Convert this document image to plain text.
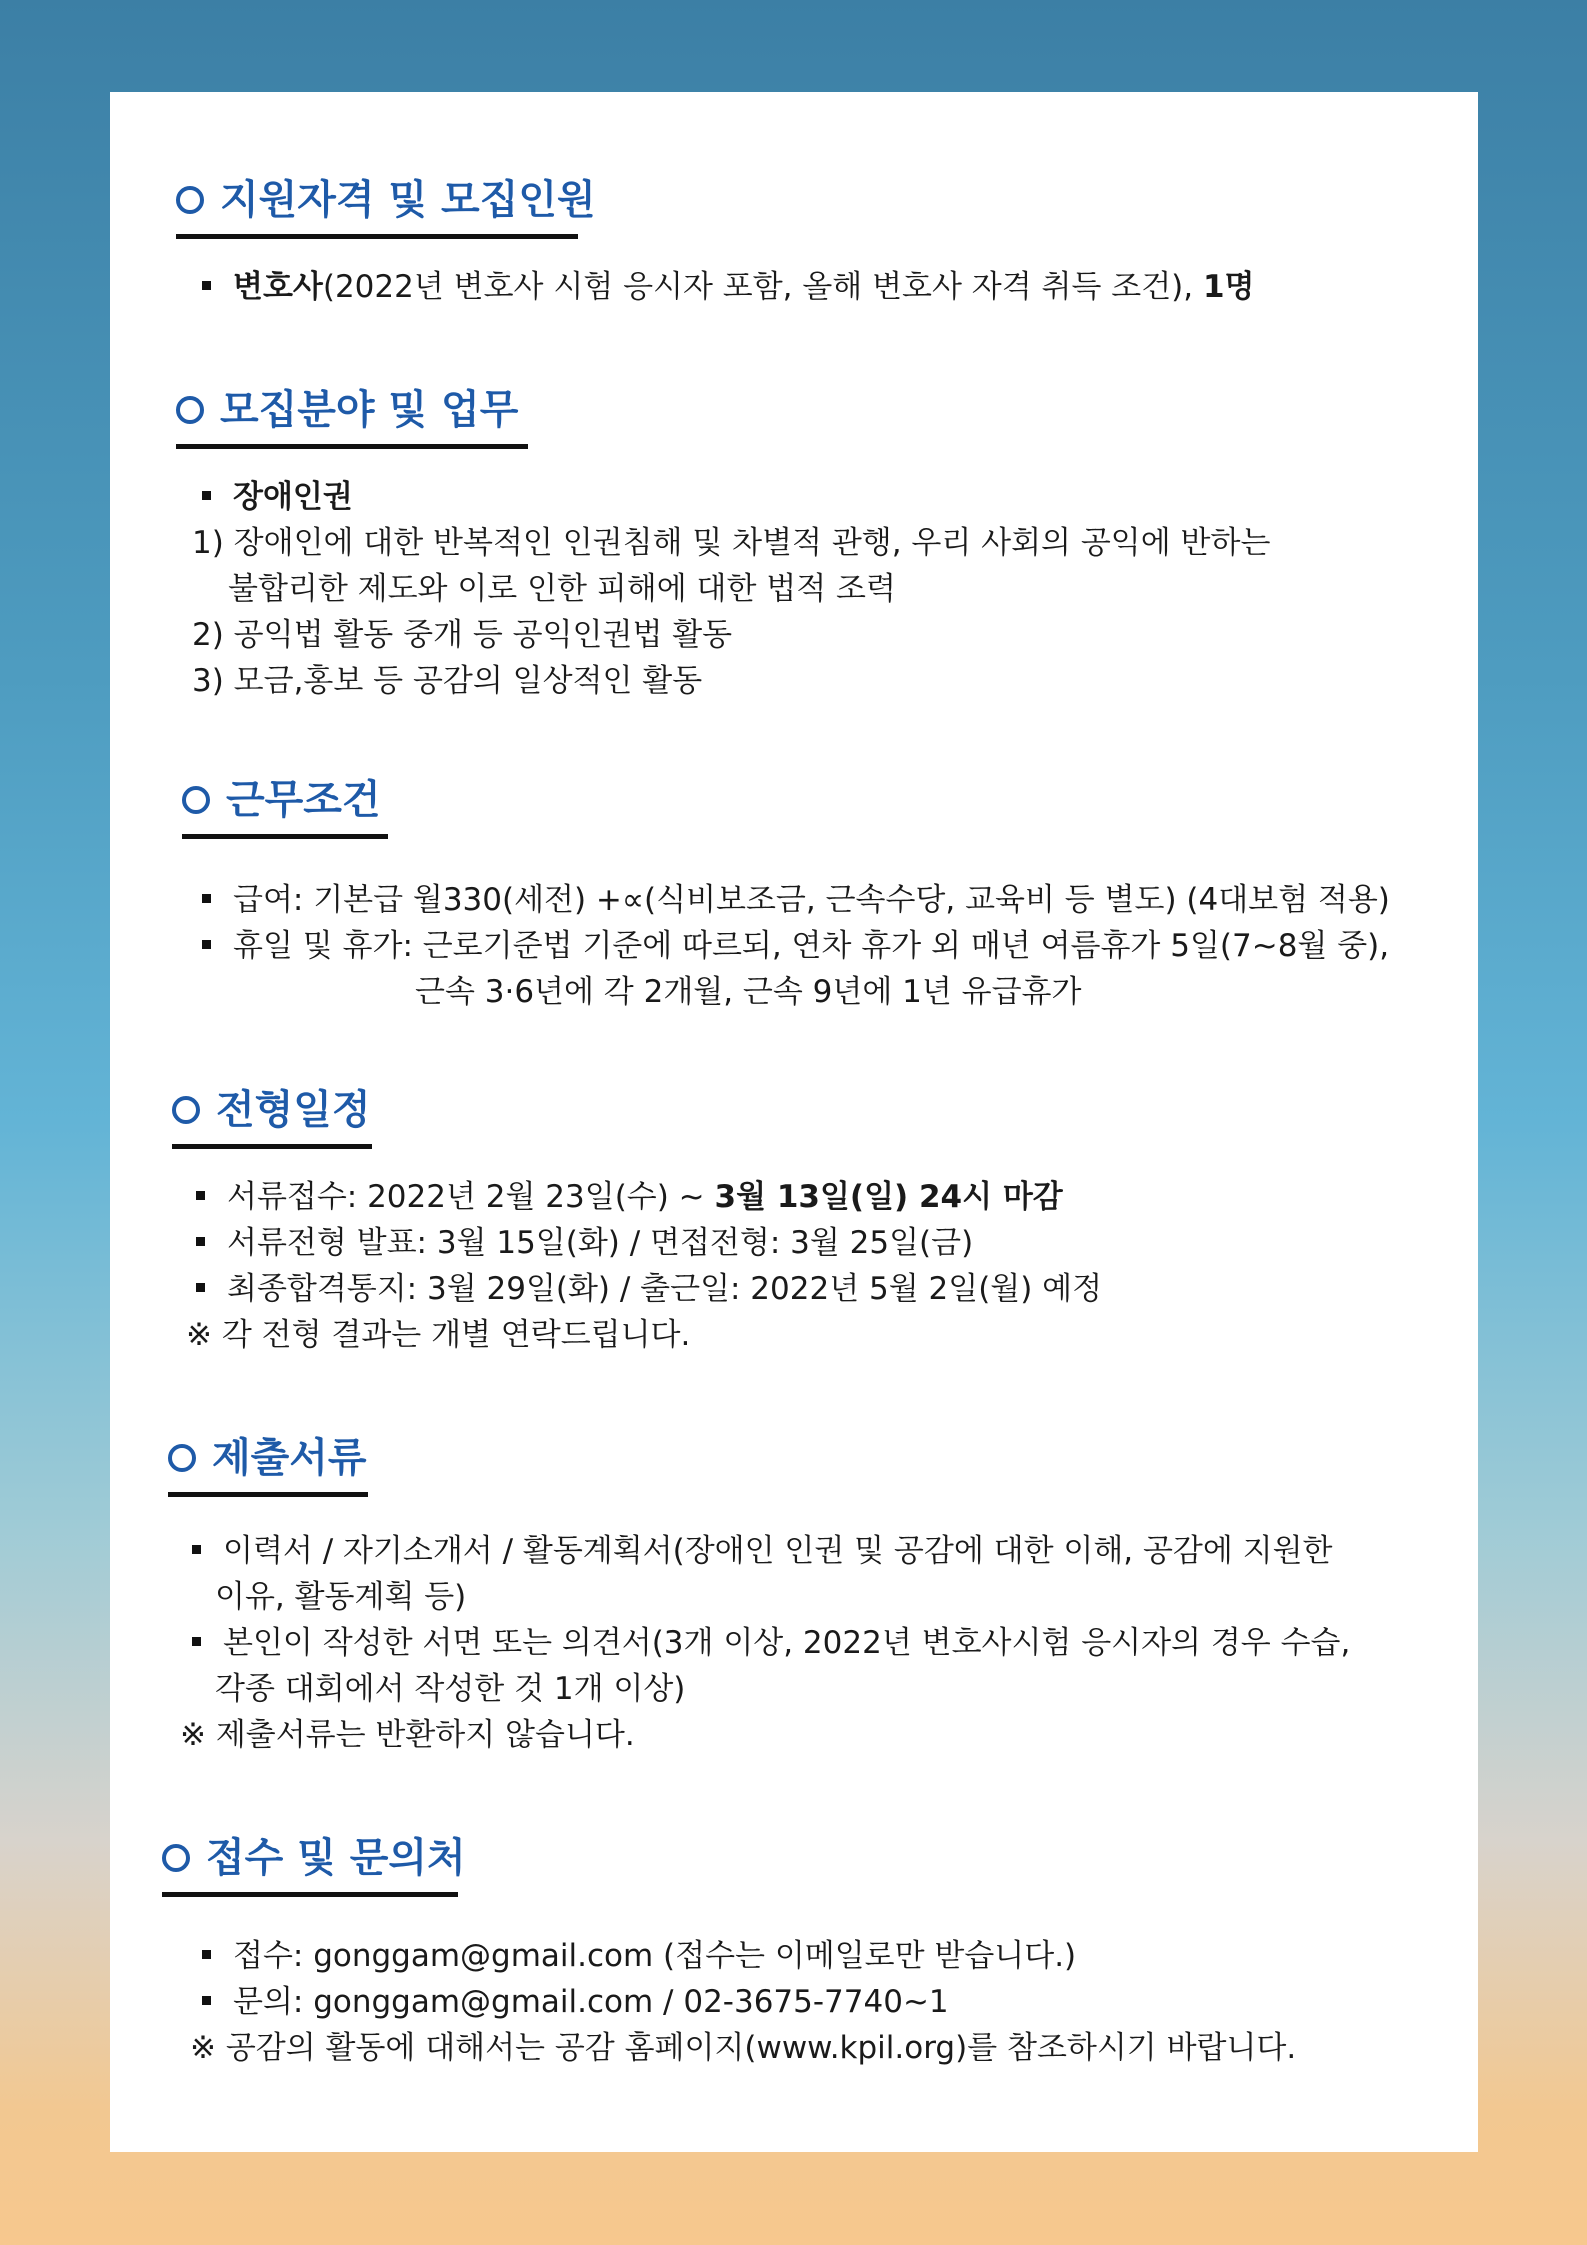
지원자격 및 모집인원
변호사(2022년 변호사 시험 응시자 포함, 올해 변호사 자격 취득 조건), 1명
모집분야 및 업무
장애인권
1) 장애인에 대한 반복적인 인권침해 및 차별적 관행, 우리 사회의 공익에 반하는
불합리한 제도와 이로 인한 피해에 대한 법적 조력
2) 공익법 활동 중개 등 공익인권법 활동
3) 모금,홍보 등 공감의 일상적인 활동
근무조건
급여: 기본급 월330(세전) +∝(식비보조금, 근속수당, 교육비 등 별도) (4대보험 적용)
휴일 및 휴가: 근로기준법 기준에 따르되, 연차 휴가 외 매년 여름휴가 5일(7~8월 중),
근속 3·6년에 각 2개월, 근속 9년에 1년 유급휴가
전형일정
서류접수: 2022년 2월 23일(수) ~ 3월 13일(일) 24시 마감
서류전형 발표: 3월 15일(화) / 면접전형: 3월 25일(금)
최종합격통지: 3월 29일(화) / 출근일: 2022년 5월 2일(월) 예정
※ 각 전형 결과는 개별 연락드립니다.
제출서류
이력서 / 자기소개서 / 활동계획서(장애인 인권 및 공감에 대한 이해, 공감에 지원한
이유, 활동계획 등)
본인이 작성한 서면 또는 의견서(3개 이상, 2022년 변호사시험 응시자의 경우 수습,
각종 대회에서 작성한 것 1개 이상)
※ 제출서류는 반환하지 않습니다.
접수 및 문의처
접수: gonggam@gmail.com (접수는 이메일로만 받습니다.)
문의: gonggam@gmail.com / 02-3675-7740~1
※ 공감의 활동에 대해서는 공감 홈페이지(www.kpil.org)를 참조하시기 바랍니다.
